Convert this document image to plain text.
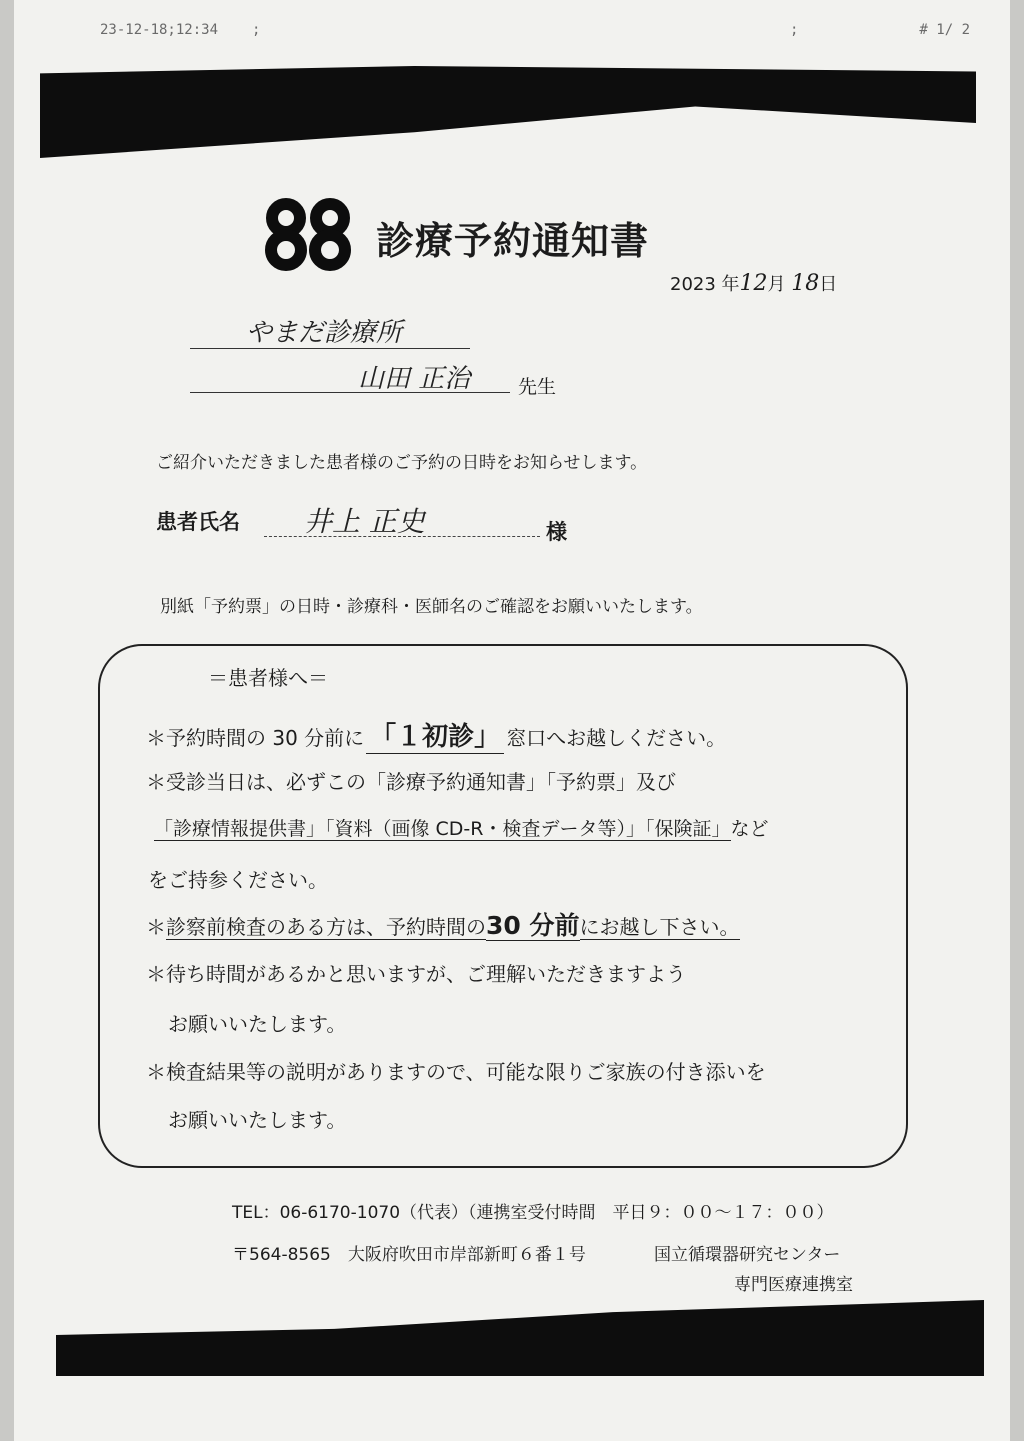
23-12-18;12:34 ;	;	# 1/ 2
診療予約通知書
2023 年12月 18日
やまだ診療所
山田 正治	先生
ご紹介いただきました患者様のご予約の日時をお知らせします。
患者氏名 井上 正史	様
別紙「予約票」の日時・診療科・医師名のご確認をお願いいたします。
＝患者様へ＝
＊予約時間の 30 分前に 「１初診」 窓口へお越しください。
＊受診当日は、必ずこの「診療予約通知書」「予約票」及び
「診療情報提供書」「資料（画像 CD-R・検査データ等）」「保険証」など
をご持参ください。
＊診察前検査のある方は、予約時間の30 分前にお越し下さい。
＊待ち時間があるかと思いますが、ご理解いただきますよう
お願いいたします。
＊検査結果等の説明がありますので、可能な限りご家族の付き添いを
お願いいたします。
TEL：06-6170-1070（代表）（連携室受付時間　平日９：００～１７：００）
〒564-8565　大阪府吹田市岸部新町６番１号	国立循環器研究センター
専門医療連携室
